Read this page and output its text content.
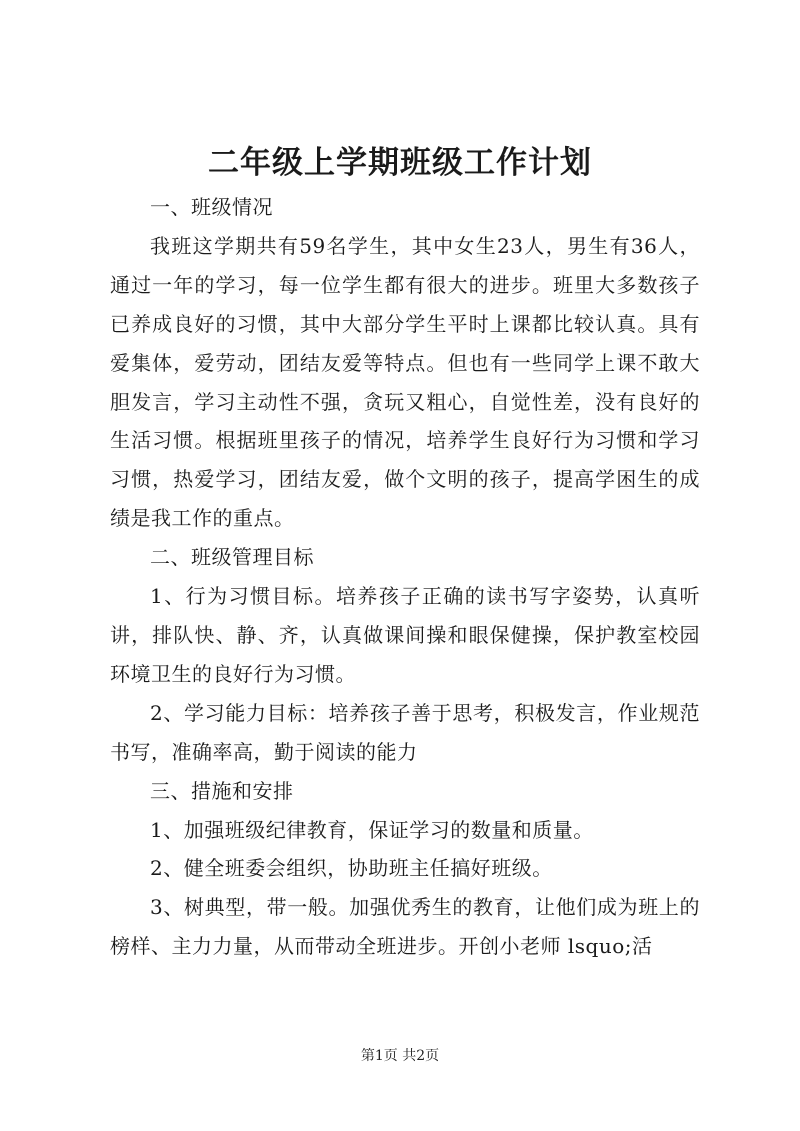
二年级上学期班级工作计划

一、班级情况

我班这学期共有59名学生，其中女生23人，男生有36人，通过一年的学习，每一位学生都有很大的进步。班里大多数孩子已养成良好的习惯，其中大部分学生平时上课都比较认真。具有爱集体，爱劳动，团结友爱等特点。但也有一些同学上课不敢大胆发言，学习主动性不强，贪玩又粗心，自觉性差，没有良好的生活习惯。根据班里孩子的情况，培养学生良好行为习惯和学习习惯，热爱学习，团结友爱，做个文明的孩子，提高学困生的成绩是我工作的重点。

二、班级管理目标

1、行为习惯目标。培养孩子正确的读书写字姿势，认真听讲，排队快、静、齐，认真做课间操和眼保健操，保护教室校园环境卫生的良好行为习惯。

2、学习能力目标：培养孩子善于思考，积极发言，作业规范书写，准确率高，勤于阅读的能力

三、措施和安排

1、加强班级纪律教育，保证学习的数量和质量。

2、健全班委会组织，协助班主任搞好班级。

3、树典型，带一般。加强优秀生的教育，让他们成为班上的榜样、主力力量，从而带动全班进步。开创小老师 lsquo;活

第1页 共2页
